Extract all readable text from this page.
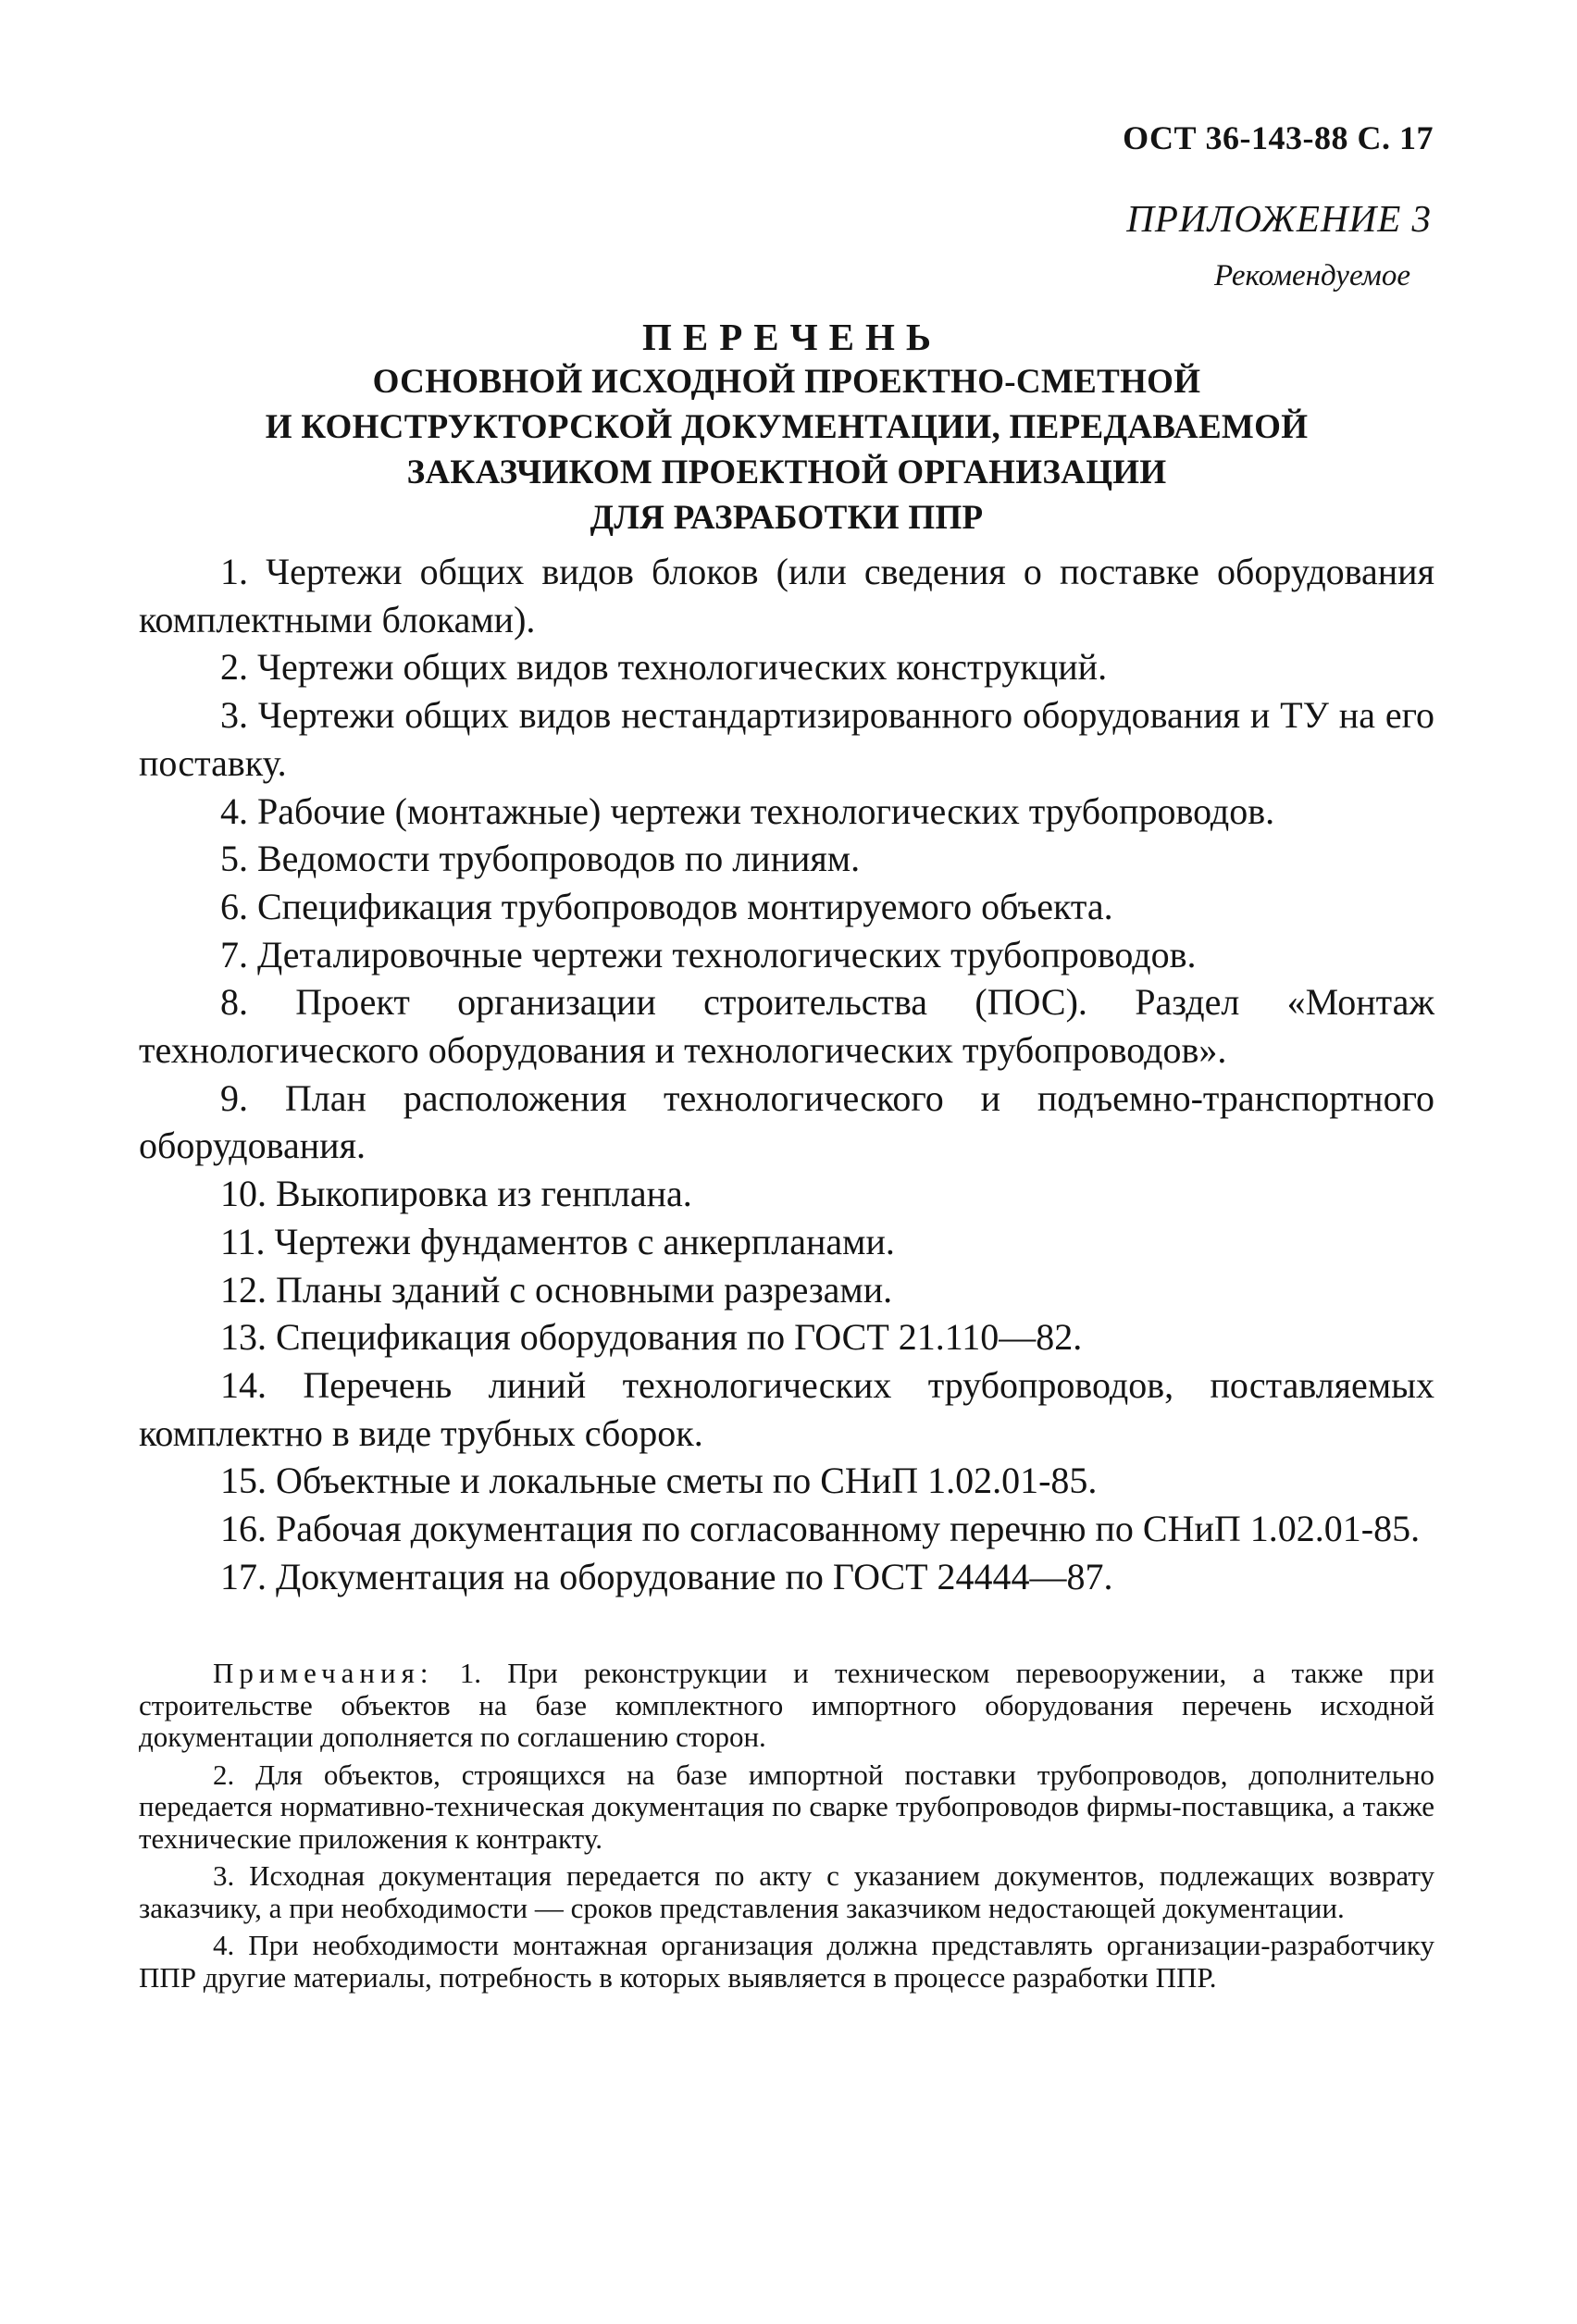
ОСТ 36-143-88 С. 17
ПРИЛОЖЕНИЕ 3
Рекомендуемое
ПЕРЕЧЕНЬ
ОСНОВНОЙ ИСХОДНОЙ ПРОЕКТНО-СМЕТНОЙ
И КОНСТРУКТОРСКОЙ ДОКУМЕНТАЦИИ, ПЕРЕДАВАЕМОЙ
ЗАКАЗЧИКОМ ПРОЕКТНОЙ ОРГАНИЗАЦИИ
ДЛЯ РАЗРАБОТКИ ППР

1. Чертежи общих видов блоков (или сведения о поставке оборудования комплектными блоками).

2. Чертежи общих видов технологических конструкций.

3. Чертежи общих видов нестандартизированного оборудования и ТУ на его поставку.

4. Рабочие (монтажные) чертежи технологических трубопроводов.

5. Ведомости трубопроводов по линиям.

6. Спецификация трубопроводов монтируемого объекта.

7. Деталировочные чертежи технологических трубопроводов.

8. Проект организации строительства (ПОС). Раздел «Монтаж технологического оборудования и технологических трубопроводов».

9. План расположения технологического и подъемно-транспортного оборудования.

10. Выкопировка из генплана.

11. Чертежи фундаментов с анкерпланами.

12. Планы зданий с основными разрезами.

13. Спецификация оборудования по ГОСТ 21.110—82.

14. Перечень линий технологических трубопроводов, поставляемых комплектно в виде трубных сборок.

15. Объектные и локальные сметы по СНиП 1.02.01-85.

16. Рабочая документация по согласованному перечню по СНиП 1.02.01-85.

17. Документация на оборудование по ГОСТ 24444—87.

Примечания: 1. При реконструкции и техническом перевооружении, а также при строительстве объектов на базе комплектного импортного оборудования перечень исходной документации дополняется по соглашению сторон.

2. Для объектов, строящихся на базе импортной поставки трубопроводов, дополнительно передается нормативно-техническая документация по сварке трубопроводов фирмы-поставщика, а также технические приложения к контракту.

3. Исходная документация передается по акту с указанием документов, подлежащих возврату заказчику, а при необходимости — сроков представления заказчиком недостающей документации.

4. При необходимости монтажная организация должна представлять организации-разработчику ППР другие материалы, потребность в которых выявляется в процессе разработки ППР.
